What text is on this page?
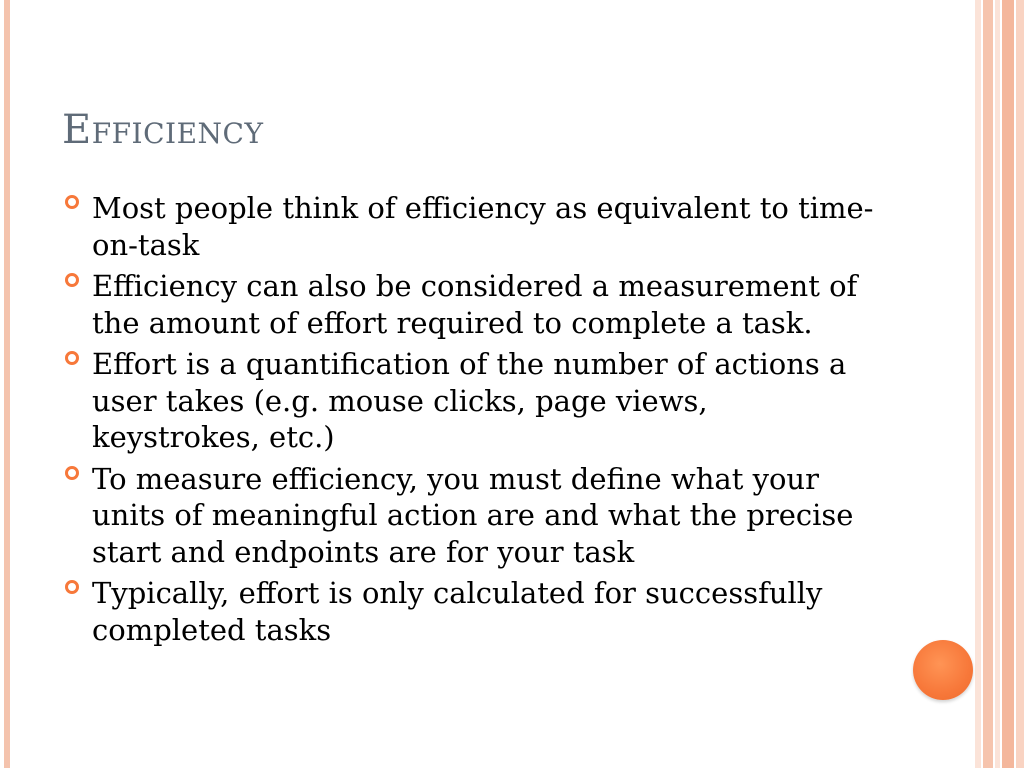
Efficiency
Most people think of efficiency as equivalent to time-on-task
Efficiency can also be considered a measurement of the amount of effort required to complete a task.
Effort is a quantification of the number of actions a user takes (e.g. mouse clicks, page views, keystrokes, etc.)
To measure efficiency, you must define what your units of meaningful action are and what the precise start and endpoints are for your task
Typically, effort is only calculated for successfully completed tasks
